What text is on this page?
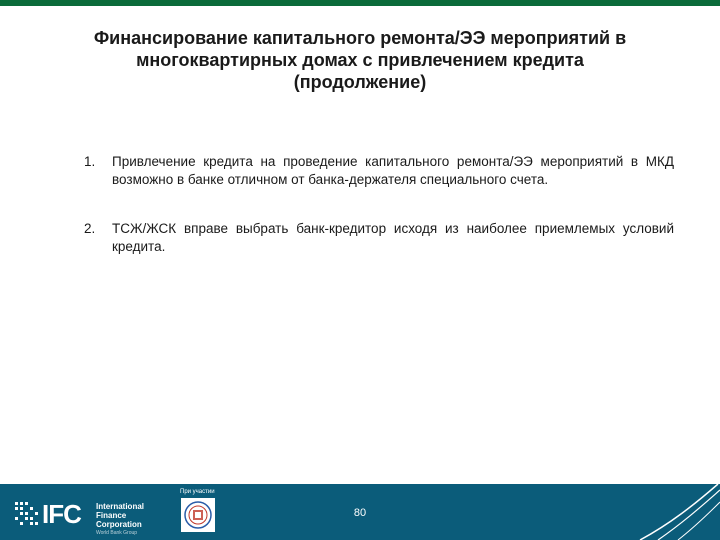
Финансирование капитального ремонта/ЭЭ мероприятий в
многоквартирных домах с привлечением кредита
(продолжение)
1. Привлечение кредита на проведение капитального ремонта/ЭЭ мероприятий в МКД возможно в банке отличном от банка-держателя специального счета.
2. ТСЖ/ЖСК вправе выбрать банк-кредитор исходя из наиболее приемлемых условий кредита.
IFC International
Finance Corporation
World Bank Group
При участии
80
